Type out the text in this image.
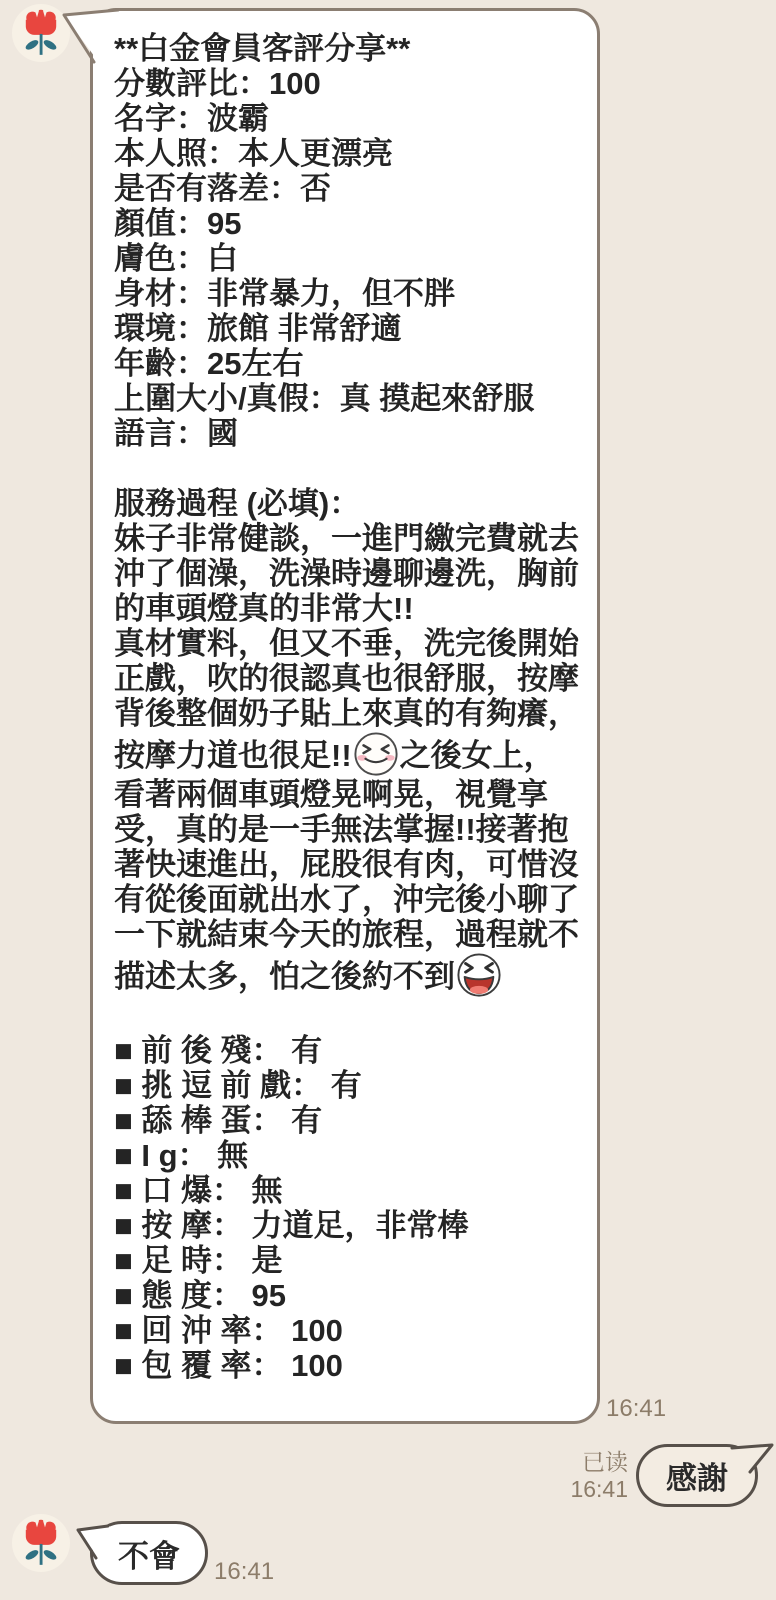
**白金會員客評分享**
分數評比：100
名字：波霸
本人照：本人更漂亮
是否有落差：否
顏值：95
膚色：白
身材：非常暴力，但不胖
環境：旅館 非常舒適
年齡：25左右
上圍大小/真假：真 摸起來舒服
語言：國
服務過程 (必填)：
妹子非常健談，一進門繳完費就去
沖了個澡，洗澡時邊聊邊洗，胸前
的車頭燈真的非常大!!
真材實料，但又不垂，洗完後開始
正戲，吹的很認真也很舒服，按摩
背後整個奶子貼上來真的有夠癢，
按摩力道也很足!! 之後女上，
看著兩個車頭燈晃啊晃，視覺享
受，真的是一手無法掌握!!接著抱
著快速進出，屁股很有肉，可惜沒
有從後面就出水了，沖完後小聊了
一下就結束今天的旅程，過程就不
描述太多，怕之後約不到
■ 前 後 殘： 有
■ 挑 逗 前 戲： 有
■ 舔 棒 蛋： 有
■ I g： 無
■ 口 爆： 無
■ 按 摩： 力道足，非常棒
■ 足 時： 是
■ 態 度： 95
■ 回 沖 率： 100
■ 包 覆 率： 100
16:41
已读
16:41 感謝
不會 16:41
